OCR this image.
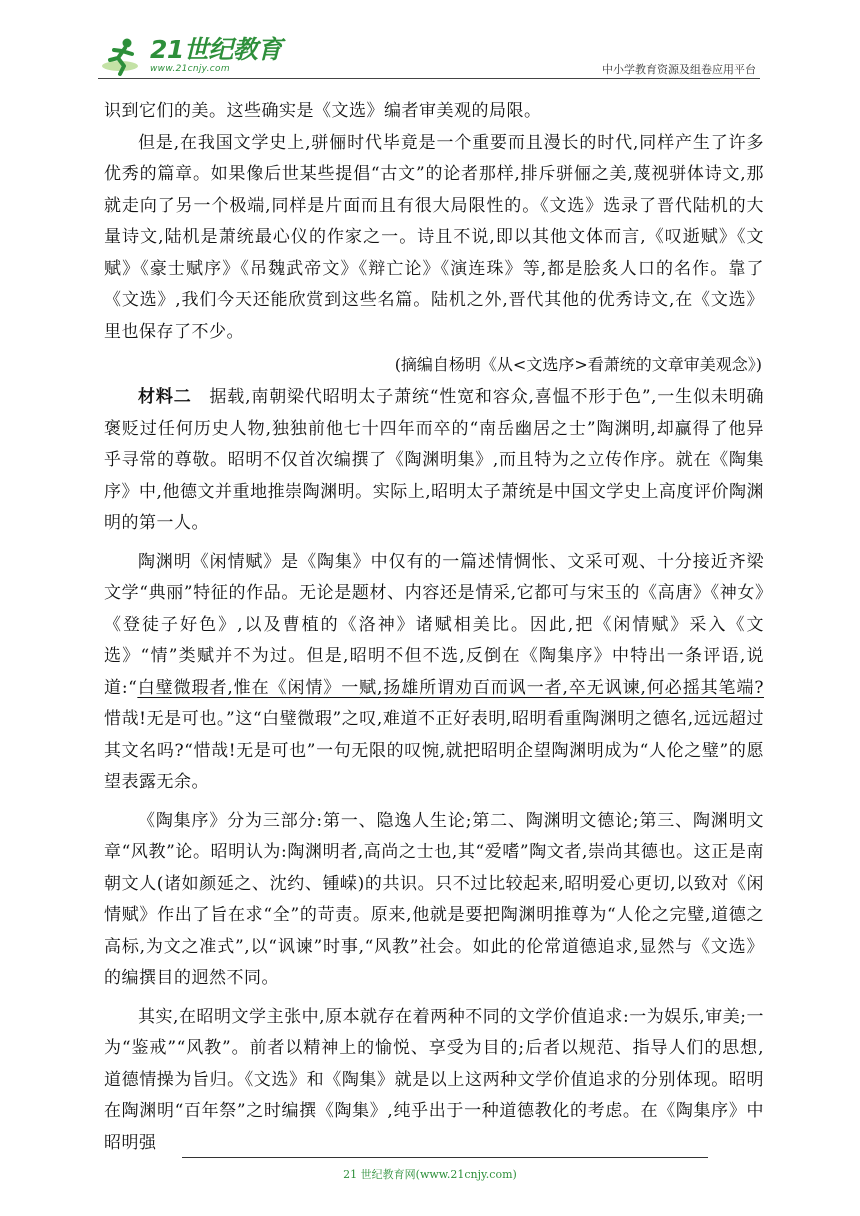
21世纪教育
www.21cnjy.com	中小学教育资源及组卷应用平台

识到它们的美。这些确实是《文选》编者审美观的局限。

但是,在我国文学史上,骈俪时代毕竟是一个重要而且漫长的时代,同样产生了许多优秀的篇章。如果像后世某些提倡“古文”的论者那样,排斥骈俪之美,蔑视骈体诗文,那就走向了另一个极端,同样是片面而且有很大局限性的。《文选》选录了晋代陆机的大量诗文,陆机是萧统最心仪的作家之一。诗且不说,即以其他文体而言,《叹逝赋》《文赋》《豪士赋序》《吊魏武帝文》《辩亡论》《演连珠》等,都是脍炙人口的名作。靠了《文选》,我们今天还能欣赏到这些名篇。陆机之外,晋代其他的优秀诗文,在《文选》里也保存了不少。

(摘编自杨明《从<文选序>看萧统的文章审美观念》)

材料二　 据载,南朝梁代昭明太子萧统“性宽和容众,喜愠不形于色”,一生似未明确褒贬过任何历史人物,独独前他七十四年而卒的“南岳幽居之士”陶渊明,却赢得了他异乎寻常的尊敬。昭明不仅首次编撰了《陶渊明集》,而且特为之立传作序。就在《陶集序》中,他德文并重地推崇陶渊明。实际上,昭明太子萧统是中国文学史上高度评价陶渊明的第一人。

陶渊明《闲情赋》是《陶集》中仅有的一篇述情惆怅、文采可观、十分接近齐梁文学“典丽”特征的作品。无论是题材、内容还是情采,它都可与宋玉的《高唐》《神女》《登徒子好色》,以及曹植的《洛神》诸赋相美比。因此,把《闲情赋》采入《文选》“情”类赋并不为过。但是,昭明不但不选,反倒在《陶集序》中特出一条评语,说道:“白璧微瑕者,惟在《闲情》一赋,扬雄所谓劝百而讽一者,卒无讽谏,何必摇其笔端?惜哉!无是可也。”这“白璧微瑕”之叹,难道不正好表明,昭明看重陶渊明之德名,远远超过其文名吗?“惜哉!无是可也”一句无限的叹惋,就把昭明企望陶渊明成为“人伦之璧”的愿望表露无余。

《陶集序》分为三部分:第一、隐逸人生论;第二、陶渊明文德论;第三、陶渊明文章“风教”论。昭明认为:陶渊明者,高尚之士也,其“爱嗜”陶文者,崇尚其德也。这正是南朝文人(诸如颜延之、沈约、锺嵘)的共识。只不过比较起来,昭明爱心更切,以致对《闲情赋》作出了旨在求“全”的苛责。原来,他就是要把陶渊明推尊为“人伦之完璧,道德之高标,为文之准式”,以“讽谏”时事,“风教”社会。如此的伦常道德追求,显然与《文选》的编撰目的迥然不同。

其实,在昭明文学主张中,原本就存在着两种不同的文学价值追求:一为娱乐,审美;一为“鉴戒”“风教”。前者以精神上的愉悦、享受为目的;后者以规范、指导人们的思想,道德情操为旨归。《文选》和《陶集》就是以上这两种文学价值追求的分别体现。昭明在陶渊明“百年祭”之时编撰《陶集》,纯乎出于一种道德教化的考虑。在《陶集序》中昭明强

21 世纪教育网(www.21cnjy.com)
